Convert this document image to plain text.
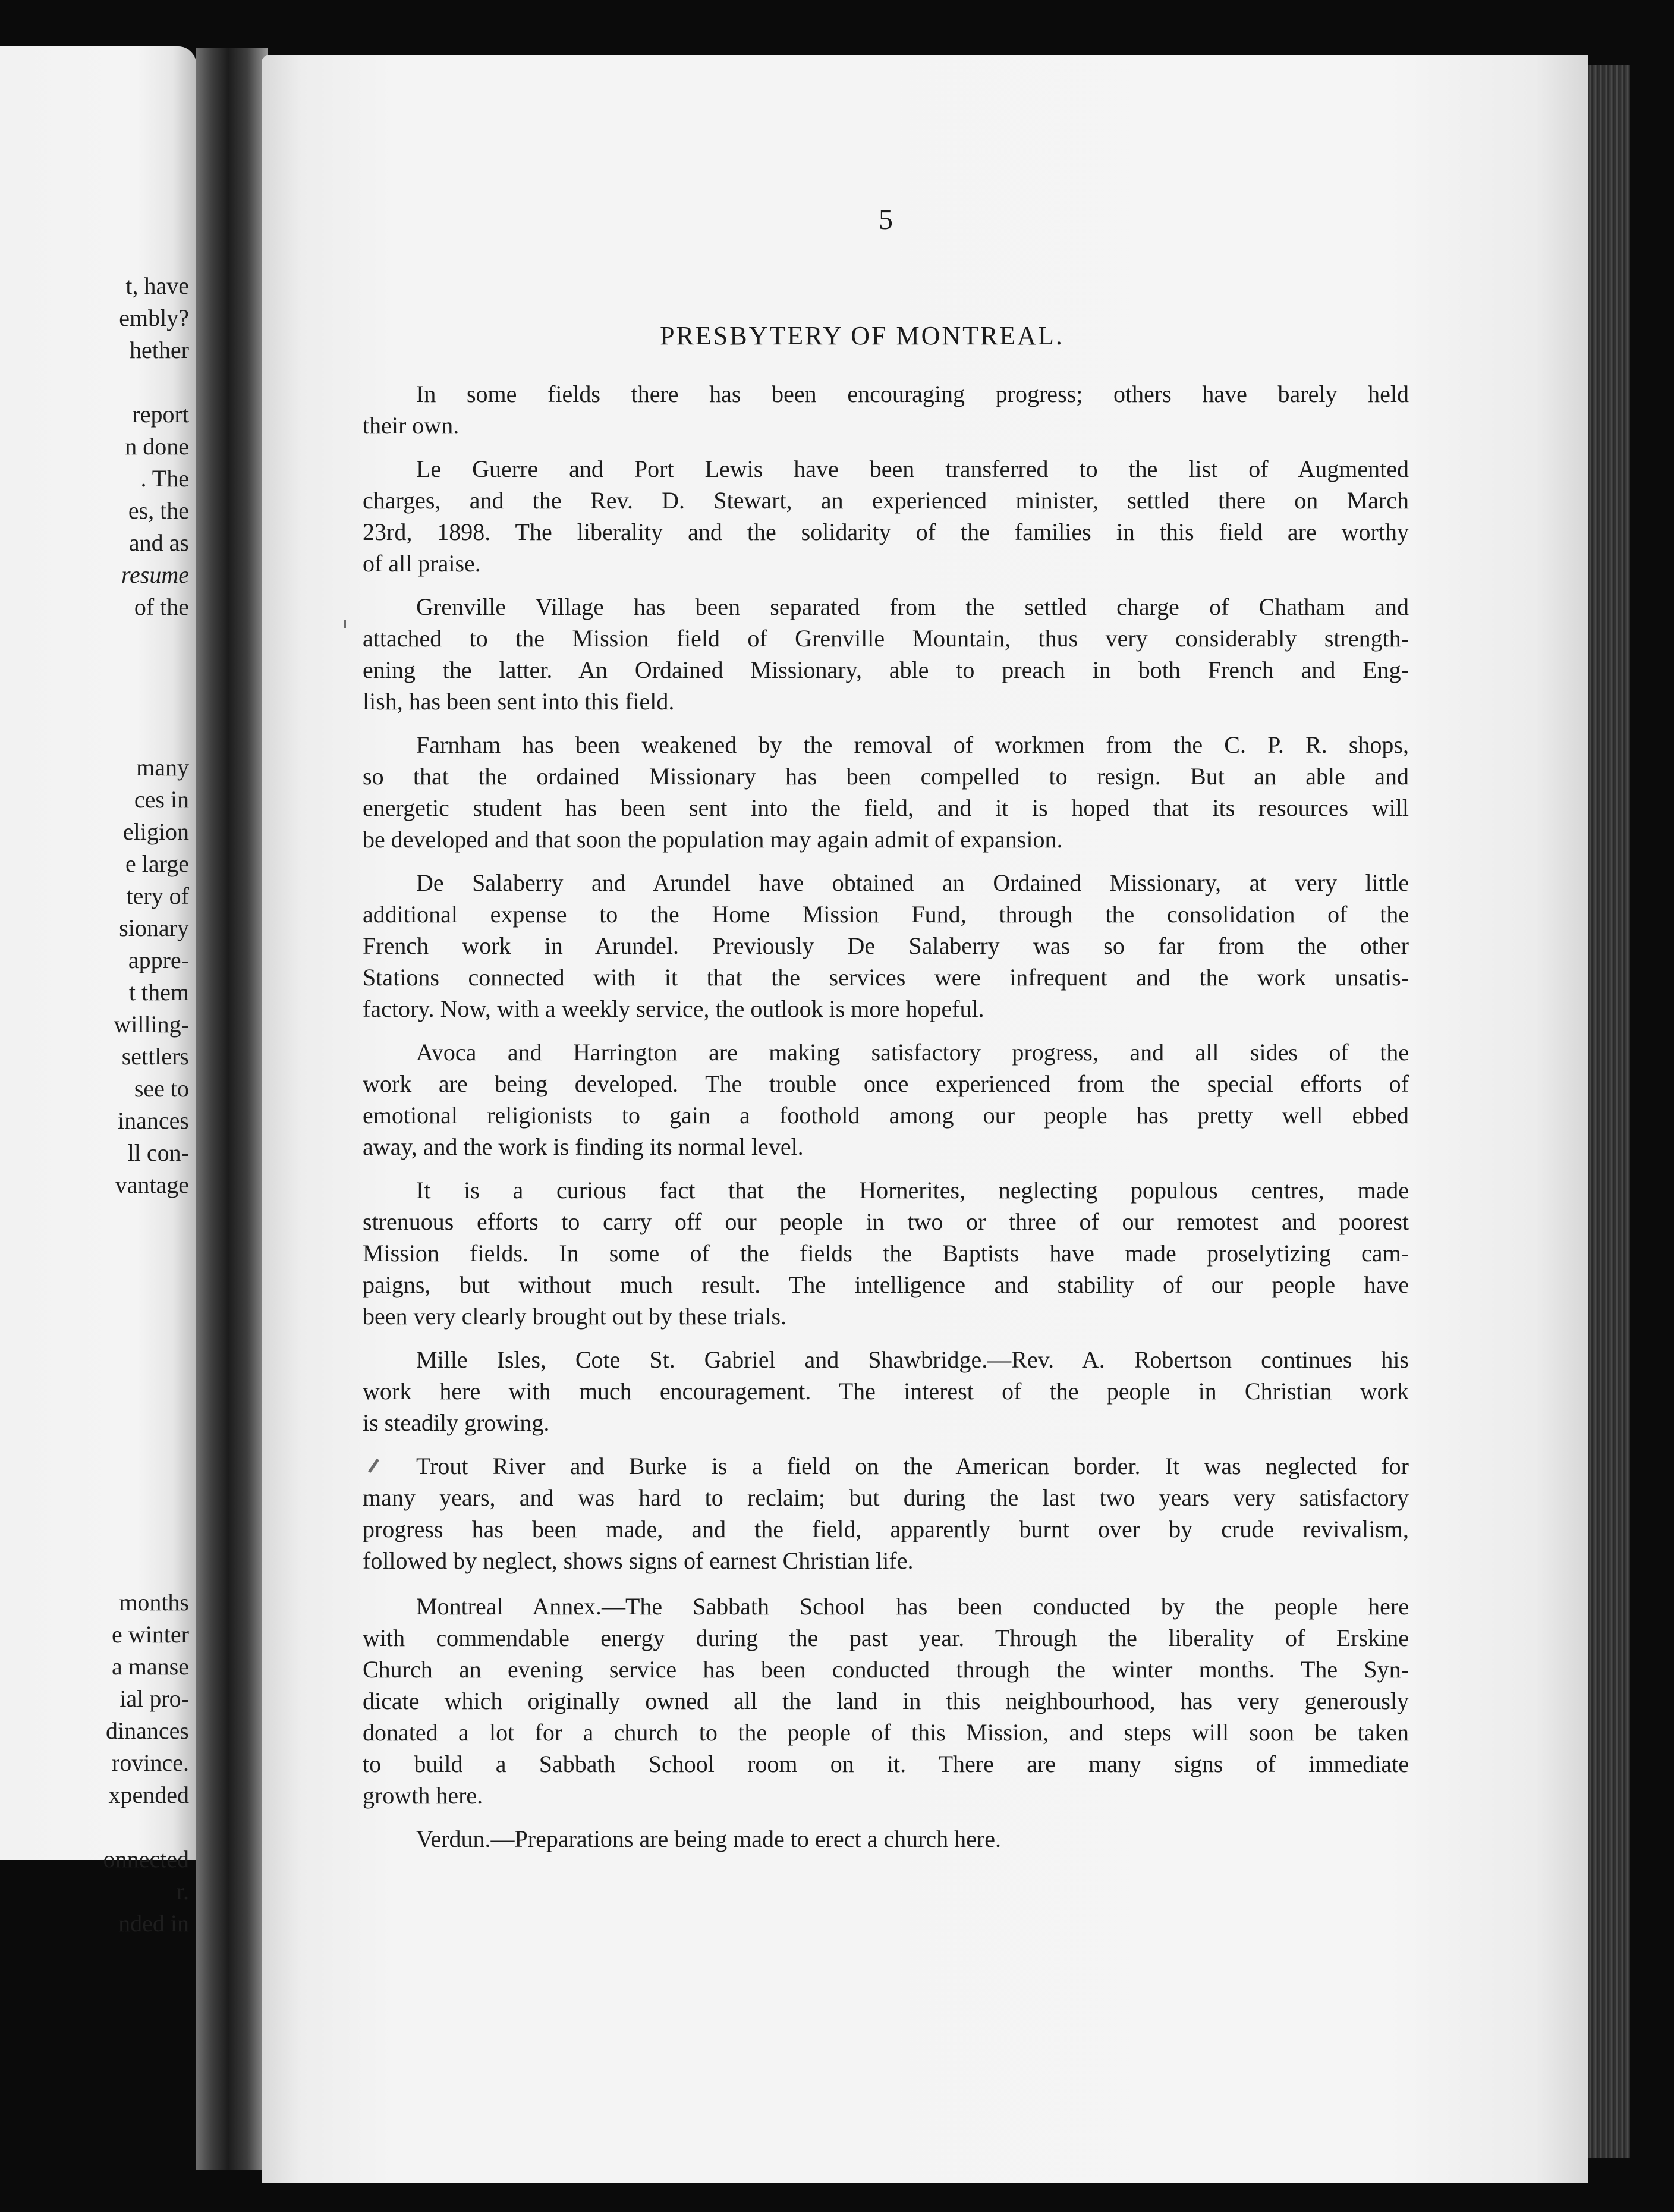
t, have
embly?
hether
report
n done
. The
es, the
and as
resume
of the
many
ces in
eligion
e large
tery of
sionary
appre-
t them
willing-
settlers
see to
inances
ll con-
vantage
months
e winter
a manse
ial pro-
dinances
rovince.
xpended
onnected
r.
nded in
5
PRESBYTERY OF MONTREAL.
In some fields there has been encouraging progress; others have barely held
their own.
Le Guerre and Port Lewis have been transferred to the list of Augmented
charges, and the Rev. D. Stewart, an experienced minister, settled there on March
23rd, 1898. The liberality and the solidarity of the families in this field are worthy
of all praise.
Grenville Village has been separated from the settled charge of Chatham and
attached to the Mission field of Grenville Mountain, thus very considerably strength-
ening the latter. An Ordained Missionary, able to preach in both French and Eng-
lish, has been sent into this field.
Farnham has been weakened by the removal of workmen from the C. P. R. shops,
so that the ordained Missionary has been compelled to resign. But an able and
energetic student has been sent into the field, and it is hoped that its resources will
be developed and that soon the population may again admit of expansion.
De Salaberry and Arundel have obtained an Ordained Missionary, at very little
additional expense to the Home Mission Fund, through the consolidation of the
French work in Arundel. Previously De Salaberry was so far from the other
Stations connected with it that the services were infrequent and the work unsatis-
factory. Now, with a weekly service, the outlook is more hopeful.
Avoca and Harrington are making satisfactory progress, and all sides of the
work are being developed. The trouble once experienced from the special efforts of
emotional religionists to gain a foothold among our people has pretty well ebbed
away, and the work is finding its normal level.
It is a curious fact that the Hornerites, neglecting populous centres, made
strenuous efforts to carry off our people in two or three of our remotest and poorest
Mission fields. In some of the fields the Baptists have made proselytizing cam-
paigns, but without much result. The intelligence and stability of our people have
been very clearly brought out by these trials.
Mille Isles, Cote St. Gabriel and Shawbridge.—Rev. A. Robertson continues his
work here with much encouragement. The interest of the people in Christian work
is steadily growing.
Trout River and Burke is a field on the American border. It was neglected for
many years, and was hard to reclaim; but during the last two years very satisfactory
progress has been made, and the field, apparently burnt over by crude revivalism,
followed by neglect, shows signs of earnest Christian life.
Montreal Annex.—The Sabbath School has been conducted by the people here
with commendable energy during the past year. Through the liberality of Erskine
Church an evening service has been conducted through the winter months. The Syn-
dicate which originally owned all the land in this neighbourhood, has very generously
donated a lot for a church to the people of this Mission, and steps will soon be taken
to build a Sabbath School room on it. There are many signs of immediate
growth here.
Verdun.—Preparations are being made to erect a church here.
